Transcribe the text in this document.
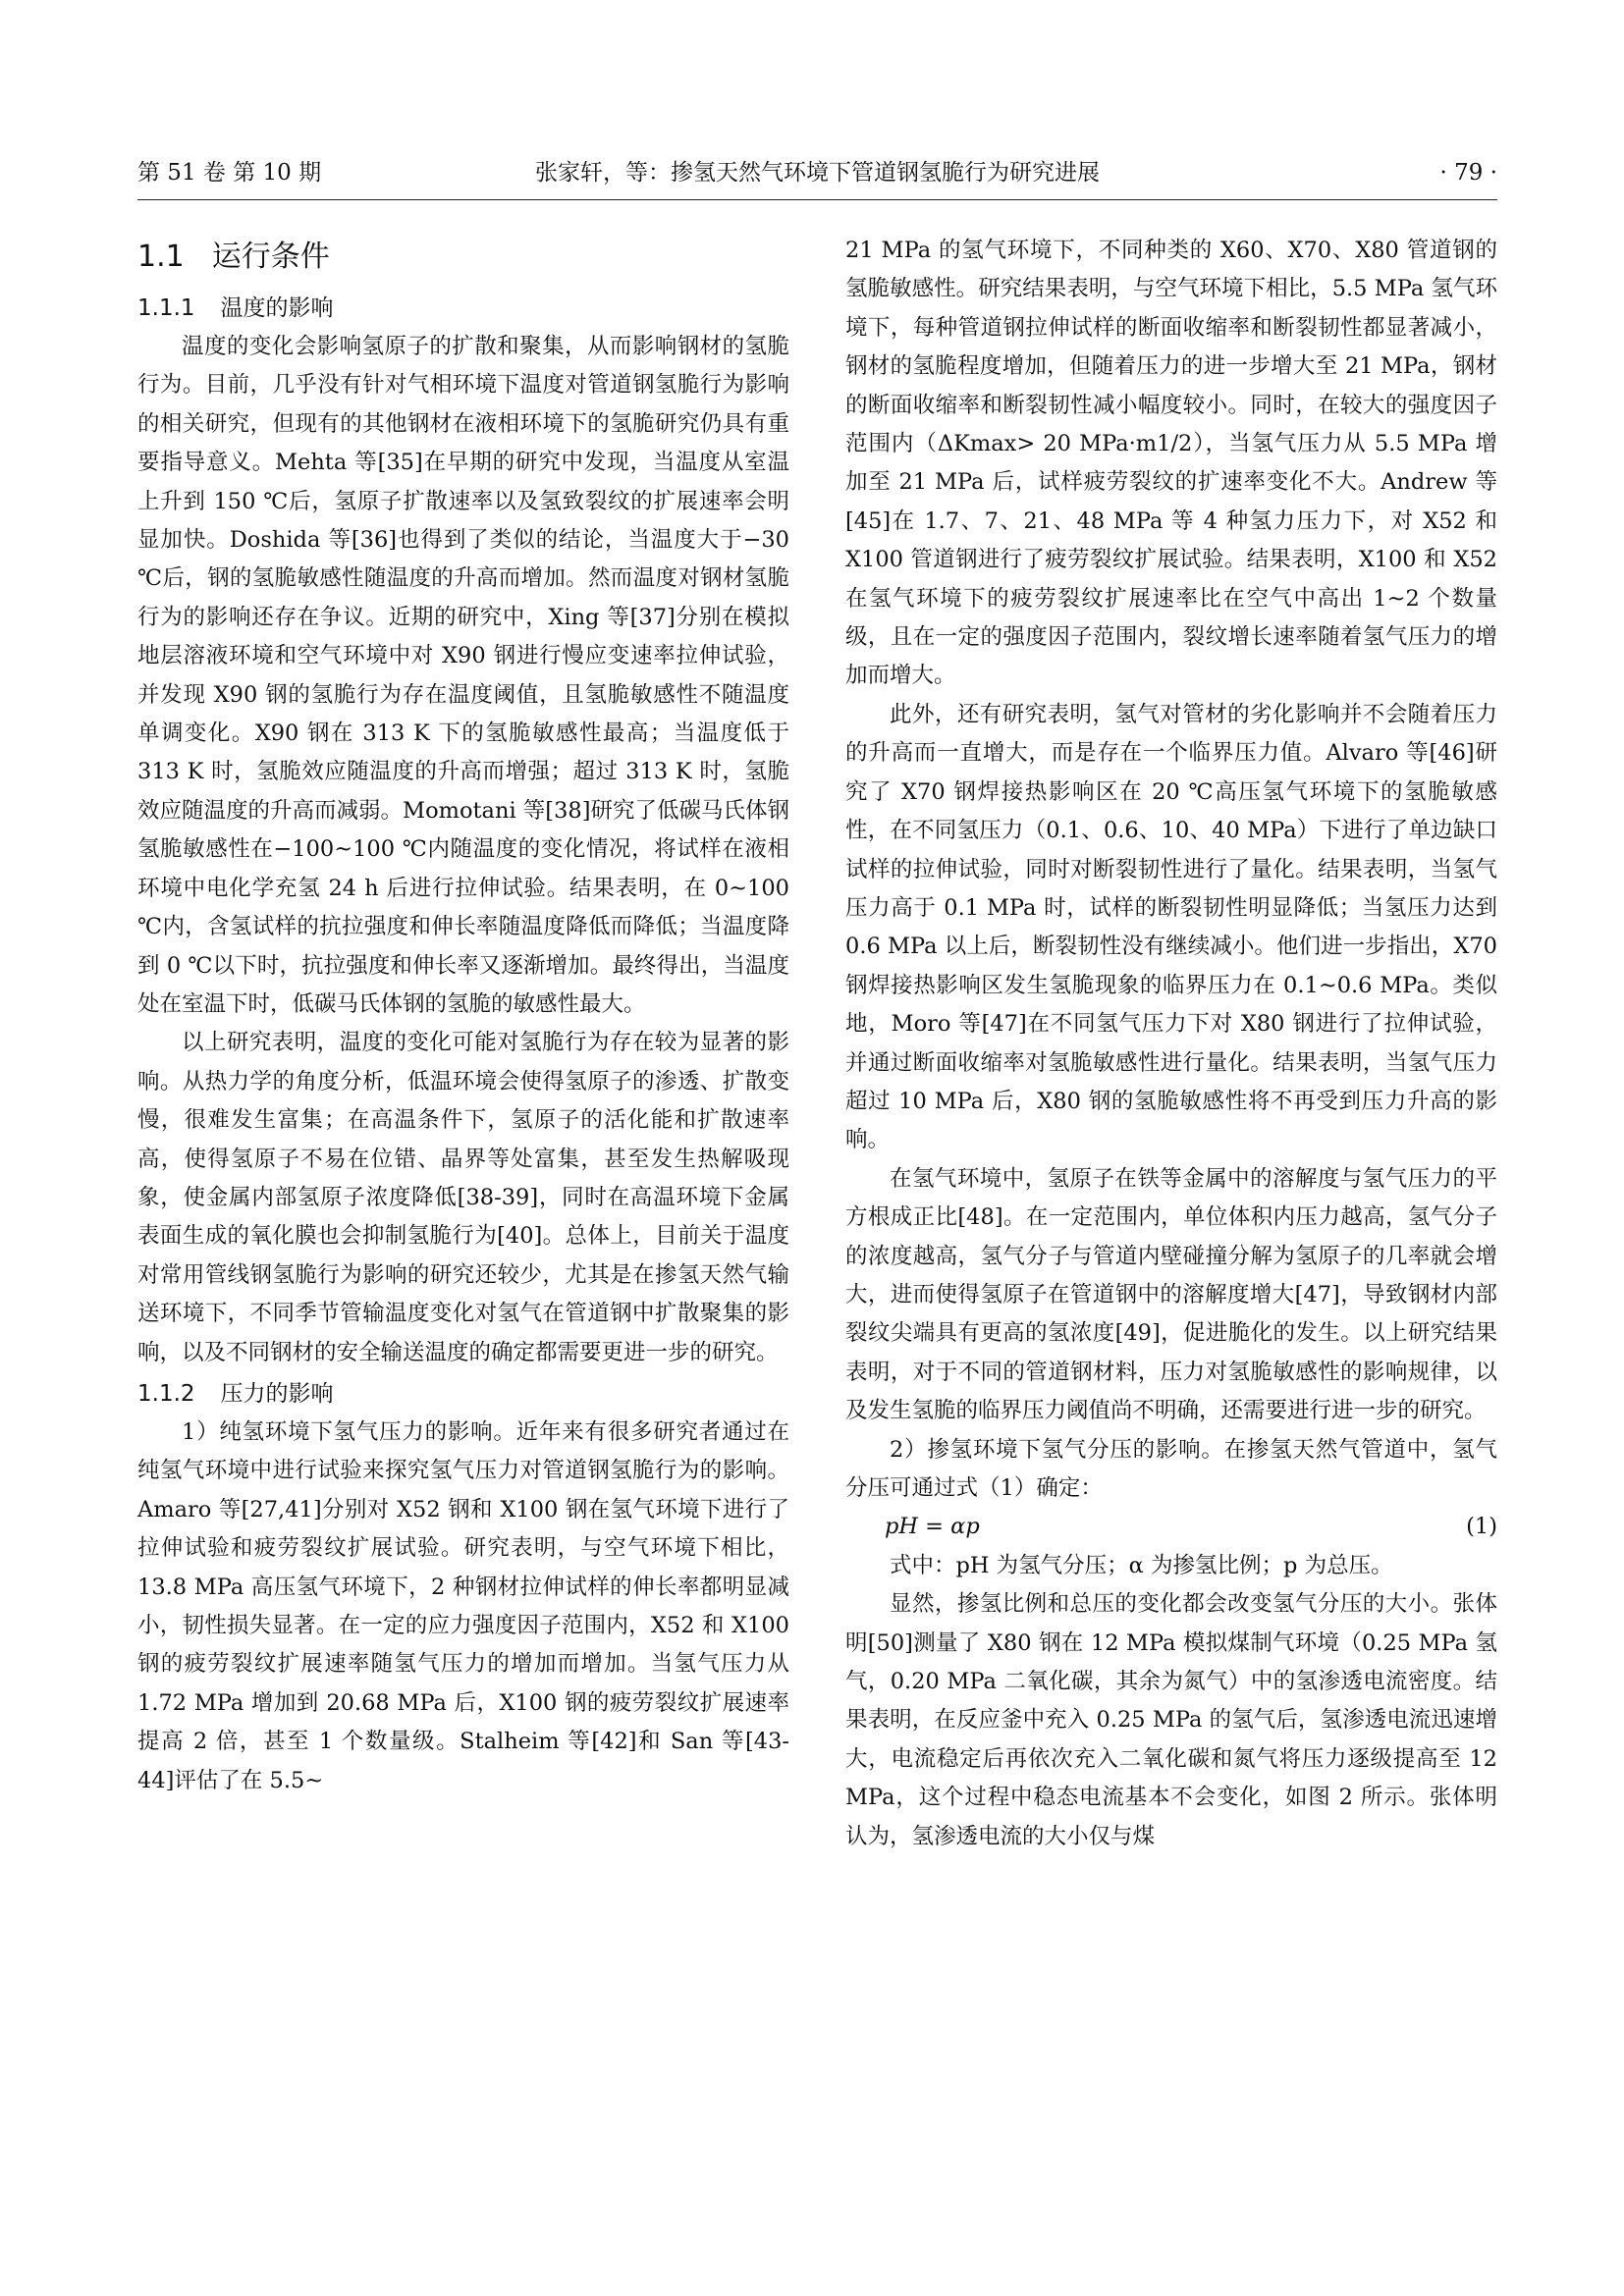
第 51 卷 第 10 期	张家轩，等：掺氢天然气环境下管道钢氢脆行为研究进展	· 79 ·
1.1 运行条件
1.1.1 温度的影响

温度的变化会影响氢原子的扩散和聚集，从而影响钢材的氢脆行为。目前，几乎没有针对气相环境下温度对管道钢氢脆行为影响的相关研究，但现有的其他钢材在液相环境下的氢脆研究仍具有重要指导意义。Mehta 等[35]在早期的研究中发现，当温度从室温上升到 150 ℃后，氢原子扩散速率以及氢致裂纹的扩展速率会明显加快。Doshida 等[36]也得到了类似的结论，当温度大于−30 ℃后，钢的氢脆敏感性随温度的升高而增加。然而温度对钢材氢脆行为的影响还存在争议。近期的研究中，Xing 等[37]分别在模拟地层溶液环境和空气环境中对 X90 钢进行慢应变速率拉伸试验，并发现 X90 钢的氢脆行为存在温度阈值，且氢脆敏感性不随温度单调变化。X90 钢在 313 K 下的氢脆敏感性最高；当温度低于 313 K 时，氢脆效应随温度的升高而增强；超过 313 K 时，氢脆效应随温度的升高而减弱。Momotani 等[38]研究了低碳马氏体钢氢脆敏感性在−100~100 ℃内随温度的变化情况，将试样在液相环境中电化学充氢 24 h 后进行拉伸试验。结果表明，在 0~100 ℃内，含氢试样的抗拉强度和伸长率随温度降低而降低；当温度降到 0 ℃以下时，抗拉强度和伸长率又逐渐增加。最终得出，当温度处在室温下时，低碳马氏体钢的氢脆的敏感性最大。

以上研究表明，温度的变化可能对氢脆行为存在较为显著的影响。从热力学的角度分析，低温环境会使得氢原子的渗透、扩散变慢，很难发生富集；在高温条件下，氢原子的活化能和扩散速率高，使得氢原子不易在位错、晶界等处富集，甚至发生热解吸现象，使金属内部氢原子浓度降低[38-39]，同时在高温环境下金属表面生成的氧化膜也会抑制氢脆行为[40]。总体上，目前关于温度对常用管线钢氢脆行为影响的研究还较少，尤其是在掺氢天然气输送环境下，不同季节管输温度变化对氢气在管道钢中扩散聚集的影响，以及不同钢材的安全输送温度的确定都需要更进一步的研究。

1.1.2 压力的影响

1）纯氢环境下氢气压力的影响。近年来有很多研究者通过在纯氢气环境中进行试验来探究氢气压力对管道钢氢脆行为的影响。Amaro 等[27,41]分别对 X52 钢和 X100 钢在氢气环境下进行了拉伸试验和疲劳裂纹扩展试验。研究表明，与空气环境下相比，13.8 MPa 高压氢气环境下，2 种钢材拉伸试样的伸长率都明显减小，韧性损失显著。在一定的应力强度因子范围内，X52 和 X100 钢的疲劳裂纹扩展速率随氢气压力的增加而增加。当氢气压力从 1.72 MPa 增加到 20.68 MPa 后，X100 钢的疲劳裂纹扩展速率提高 2 倍，甚至 1 个数量级。Stalheim 等[42]和 San 等[43-44]评估了在 5.5~

21 MPa 的氢气环境下，不同种类的 X60、X70、X80 管道钢的氢脆敏感性。研究结果表明，与空气环境下相比，5.5 MPa 氢气环境下，每种管道钢拉伸试样的断面收缩率和断裂韧性都显著减小，钢材的氢脆程度增加，但随着压力的进一步增大至 21 MPa，钢材的断面收缩率和断裂韧性减小幅度较小。同时，在较大的强度因子范围内（ΔKmax> 20 MPa·m1/2），当氢气压力从 5.5 MPa 增加至 21 MPa 后，试样疲劳裂纹的扩速率变化不大。Andrew 等[45]在 1.7、7、21、48 MPa 等 4 种氢力压力下，对 X52 和 X100 管道钢进行了疲劳裂纹扩展试验。结果表明，X100 和 X52 在氢气环境下的疲劳裂纹扩展速率比在空气中高出 1~2 个数量级，且在一定的强度因子范围内，裂纹增长速率随着氢气压力的增加而增大。

此外，还有研究表明，氢气对管材的劣化影响并不会随着压力的升高而一直增大，而是存在一个临界压力值。Alvaro 等[46]研究了 X70 钢焊接热影响区在 20 ℃高压氢气环境下的氢脆敏感性，在不同氢压力（0.1、0.6、10、40 MPa）下进行了单边缺口试样的拉伸试验，同时对断裂韧性进行了量化。结果表明，当氢气压力高于 0.1 MPa 时，试样的断裂韧性明显降低；当氢压力达到 0.6 MPa 以上后，断裂韧性没有继续减小。他们进一步指出，X70 钢焊接热影响区发生氢脆现象的临界压力在 0.1~0.6 MPa。类似地，Moro 等[47]在不同氢气压力下对 X80 钢进行了拉伸试验，并通过断面收缩率对氢脆敏感性进行量化。结果表明，当氢气压力超过 10 MPa 后，X80 钢的氢脆敏感性将不再受到压力升高的影响。

在氢气环境中，氢原子在铁等金属中的溶解度与氢气压力的平方根成正比[48]。在一定范围内，单位体积内压力越高，氢气分子的浓度越高，氢气分子与管道内壁碰撞分解为氢原子的几率就会增大，进而使得氢原子在管道钢中的溶解度增大[47]，导致钢材内部裂纹尖端具有更高的氢浓度[49]，促进脆化的发生。以上研究结果表明，对于不同的管道钢材料，压力对氢脆敏感性的影响规律，以及发生氢脆的临界压力阈值尚不明确，还需要进行进一步的研究。

2）掺氢环境下氢气分压的影响。在掺氢天然气管道中，氢气分压可通过式（1）确定：

pH = αp	(1)

式中：pH 为氢气分压；α 为掺氢比例；p 为总压。

显然，掺氢比例和总压的变化都会改变氢气分压的大小。张体明[50]测量了 X80 钢在 12 MPa 模拟煤制气环境（0.25 MPa 氢气，0.20 MPa 二氧化碳，其余为氮气）中的氢渗透电流密度。结果表明，在反应釜中充入 0.25 MPa 的氢气后，氢渗透电流迅速增大，电流稳定后再依次充入二氧化碳和氮气将压力逐级提高至 12 MPa，这个过程中稳态电流基本不会变化，如图 2 所示。张体明认为，氢渗透电流的大小仅与煤
